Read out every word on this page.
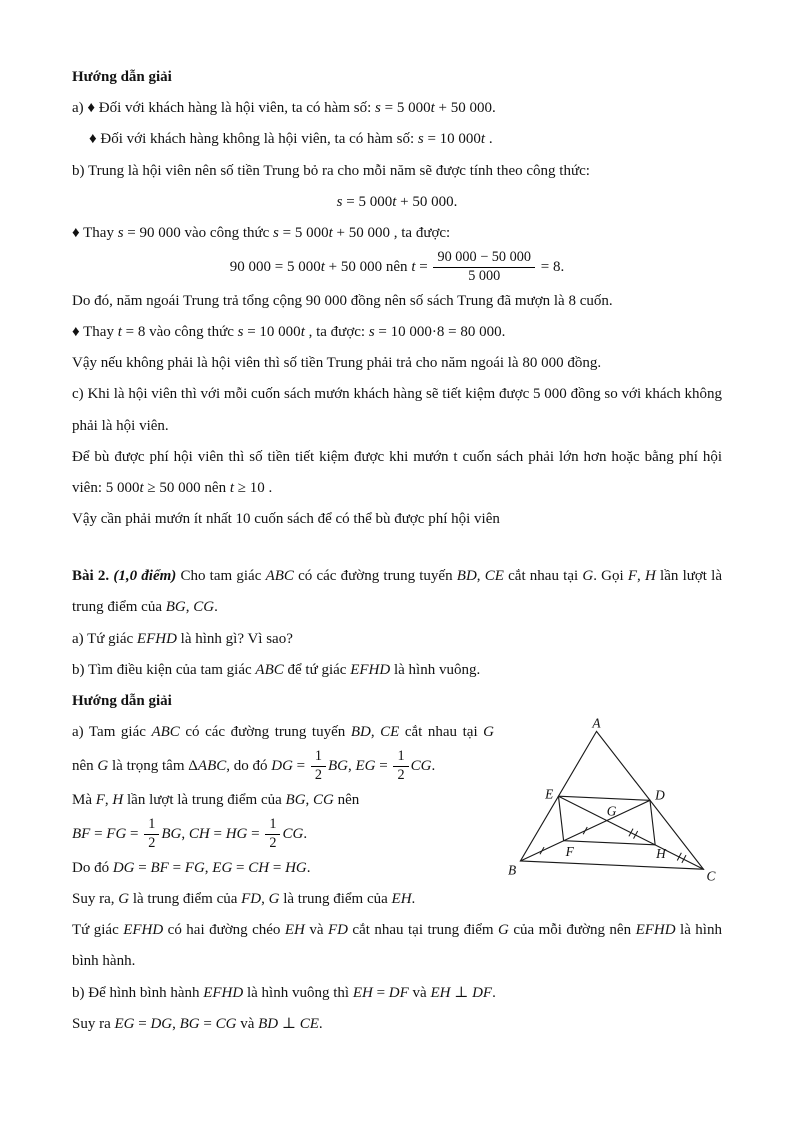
Hướng dẫn giải

a) ♦ Đối với khách hàng là hội viên, ta có hàm số: s = 5 000t + 50 000.

♦ Đối với khách hàng không là hội viên, ta có hàm số: s = 10 000t .

b) Trung là hội viên nên số tiền Trung bỏ ra cho mỗi năm sẽ được tính theo công thức:

s = 5 000t + 50 000.

♦ Thay s = 90 000 vào công thức s = 5 000t + 50 000 , ta được:

90 000 = 5 000t + 50 000 nên $t = \frac{90 000 - 50 000}{5 000} = 8$.

Do đó, năm ngoái Trung trả tổng cộng 90 000 đồng nên số sách Trung đã mượn là 8 cuốn.

♦ Thay t = 8 vào công thức s = 10 000t , ta được: s = 10 000·8 = 80 000.

Vậy nếu không phải là hội viên thì số tiền Trung phải trả cho năm ngoái là 80 000 đồng.

c) Khi là hội viên thì với mỗi cuốn sách mướn khách hàng sẽ tiết kiệm được 5 000 đồng so với khách không phải là hội viên.

Để bù được phí hội viên thì số tiền tiết kiệm được khi mướn t cuốn sách phải lớn hơn hoặc bằng phí hội viên: 5 000t ≥ 50 000 nên t ≥ 10 .

Vậy cần phải mướn ít nhất 10 cuốn sách để có thể bù được phí hội viên

Bài 2. (1,0 điểm) Cho tam giác ABC có các đường trung tuyến BD, CE cắt nhau tại G. Gọi F, H lần lượt là trung điểm của BG, CG.

a) Tứ giác EFHD là hình gì? Vì sao?

b) Tìm điều kiện của tam giác ABC để tứ giác EFHD là hình vuông.

Hướng dẫn giải

A
B	C
D
E
F
G
H

a) Tam giác ABC có các đường trung tuyến BD, CE cắt nhau tại G nên G là trọng tâm ΔABC, do đó DG = $\frac{1}{2}$ BG, EG = $\frac{1}{2}$ CG.

Mà F, H lần lượt là trung điểm của BG, CG nên

BF = FG = $\frac{1}{2}$ BG, CH = HG = $\frac{1}{2}$ CG.

Do đó DG = BF = FG, EG = CH = HG.

Suy ra, G là trung điểm của FD, G là trung điểm của EH.

Tứ giác EFHD có hai đường chéo EH và FD cắt nhau tại trung điểm G của mỗi đường nên EFHD là hình bình hành.

b) Để hình bình hành EFHD là hình vuông thì EH = DF và EH ⊥ DF.

Suy ra EG = DG, BG = CG và BD ⊥ CE.
